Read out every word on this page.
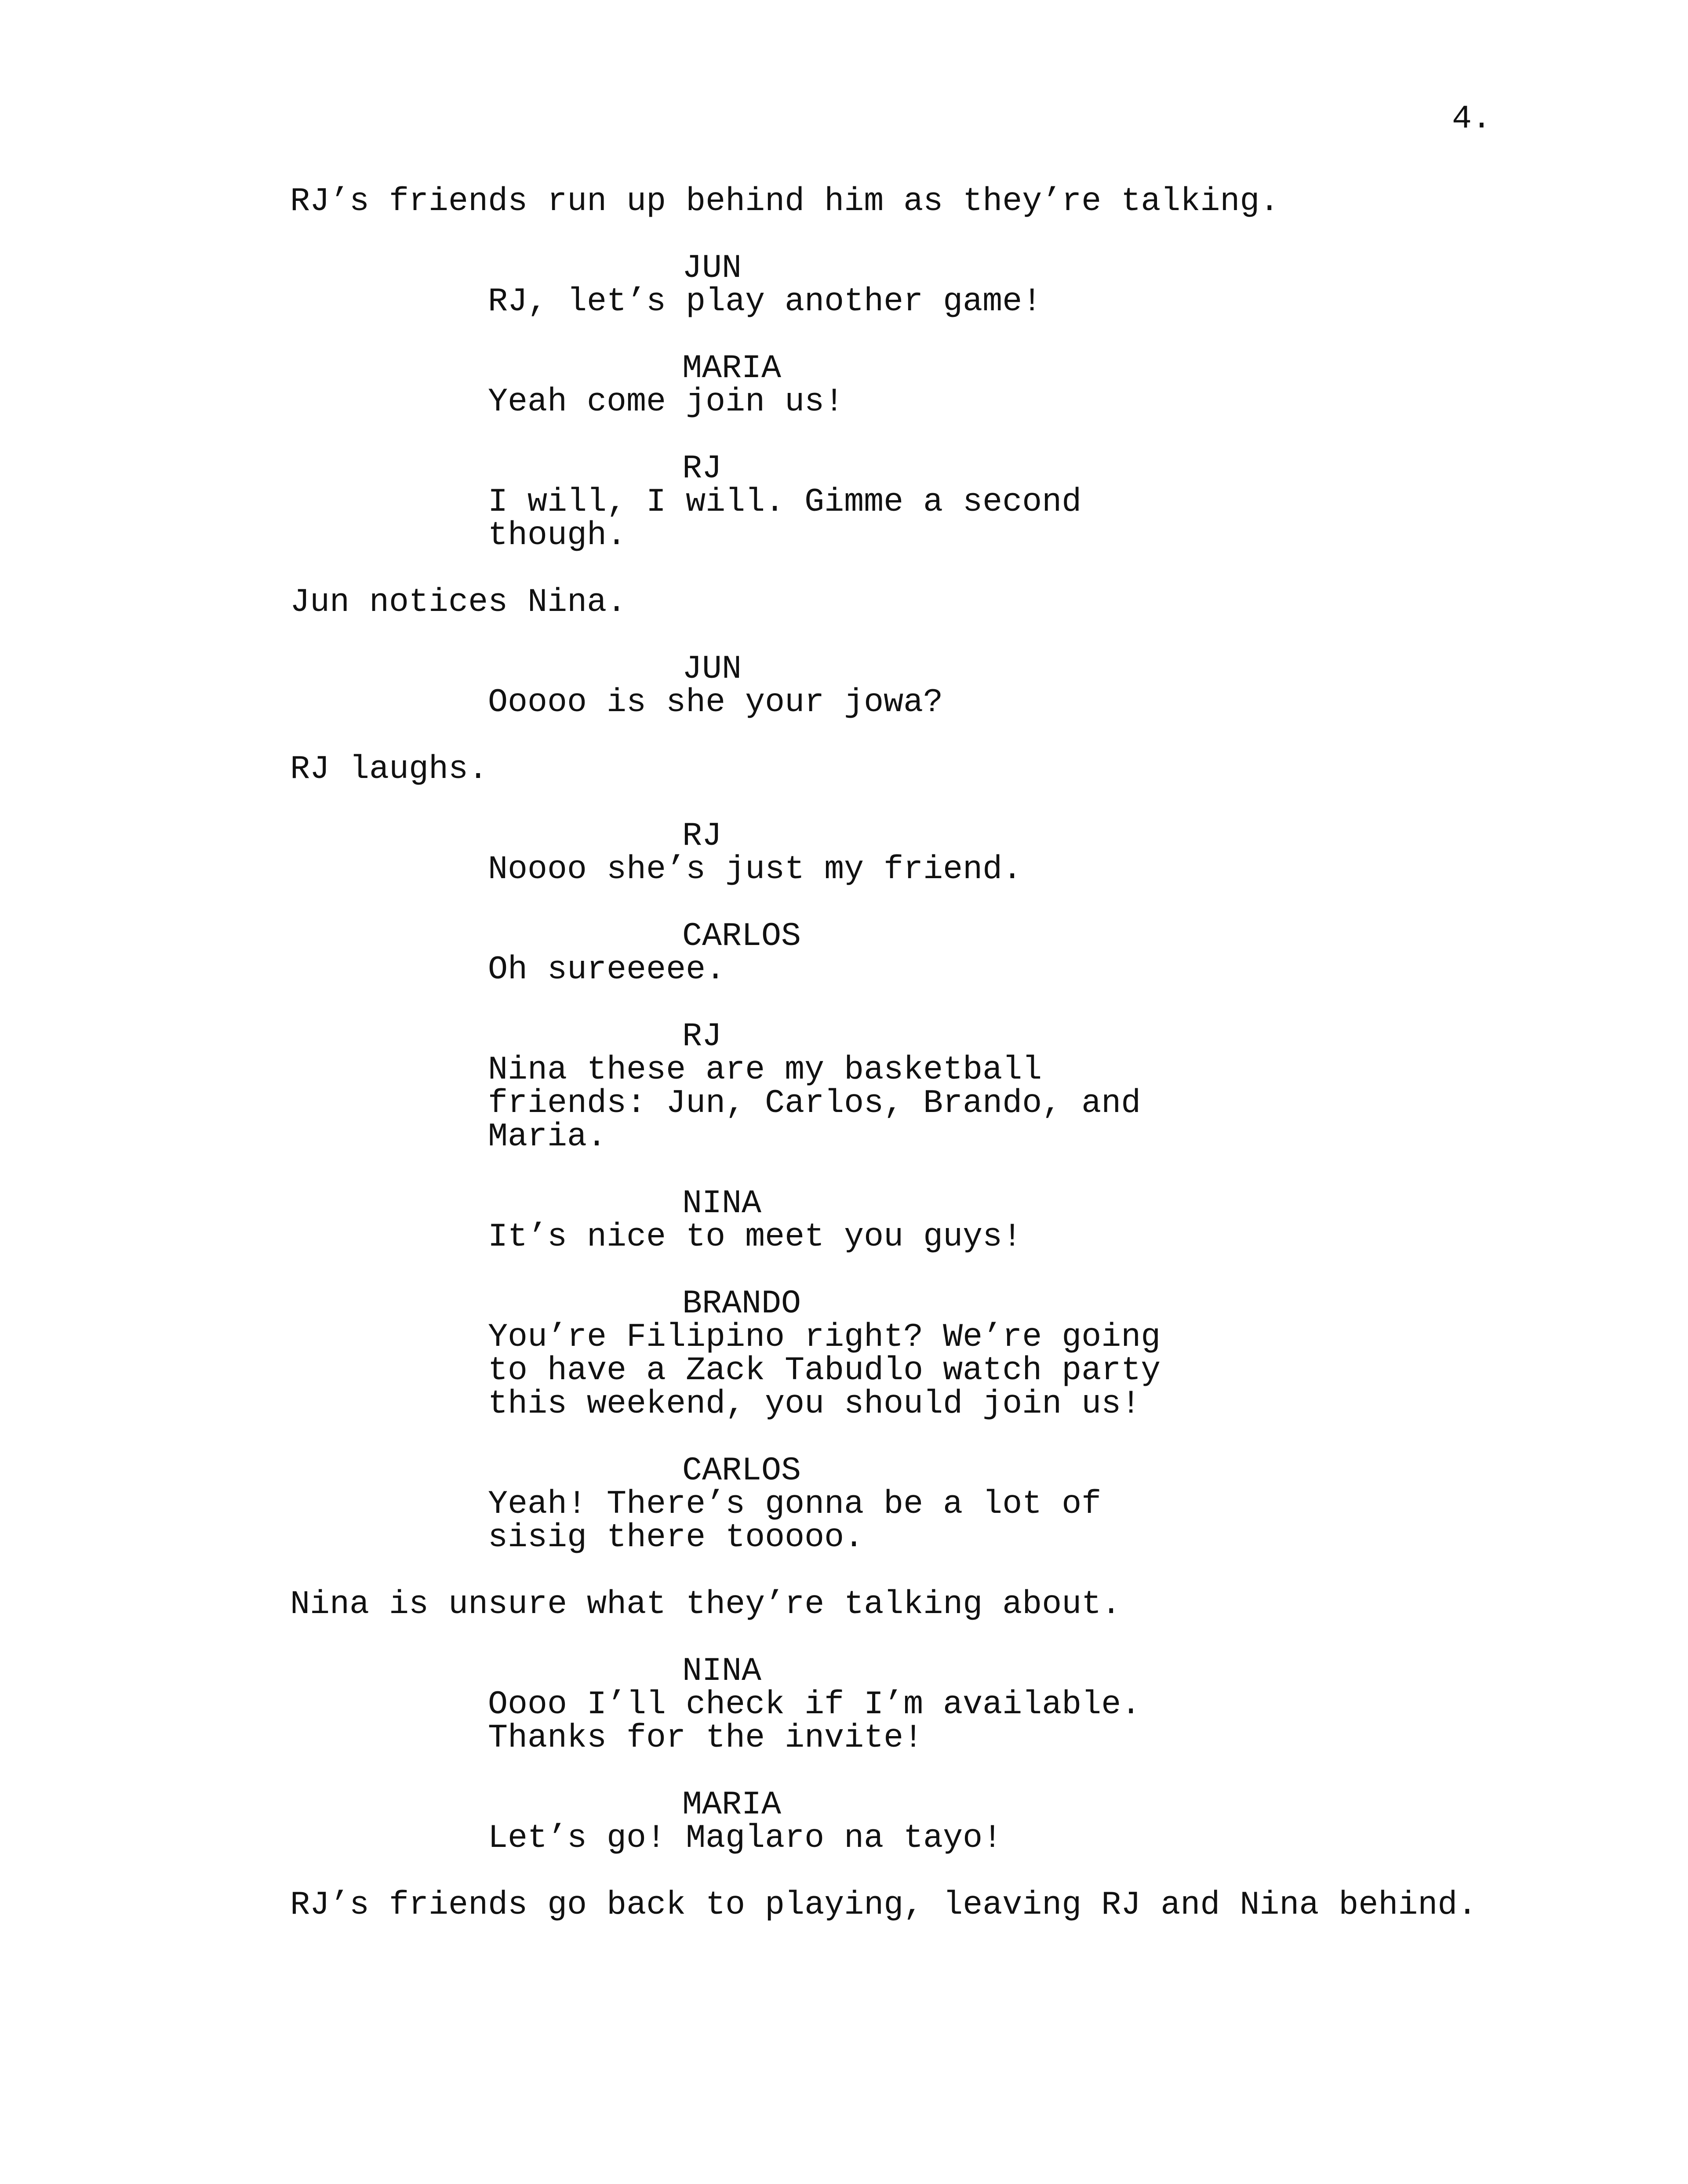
4.
RJ’s friends run up behind him as they’re talking.
JUN
RJ, let’s play another game!
MARIA
Yeah come join us!
RJ
I will, I will. Gimme a second
though.
Jun notices Nina.
JUN
Ooooo is she your jowa?
RJ laughs.
RJ
Noooo she’s just my friend.
CARLOS
Oh sureeeee.
RJ
Nina these are my basketball
friends: Jun, Carlos, Brando, and
Maria.
NINA
It’s nice to meet you guys!
BRANDO
You’re Filipino right? We’re going
to have a Zack Tabudlo watch party
this weekend, you should join us!
CARLOS
Yeah! There’s gonna be a lot of
sisig there tooooo.
Nina is unsure what they’re talking about.
NINA
Oooo I’ll check if I’m available.
Thanks for the invite!
MARIA
Let’s go! Maglaro na tayo!
RJ’s friends go back to playing, leaving RJ and Nina behind.
